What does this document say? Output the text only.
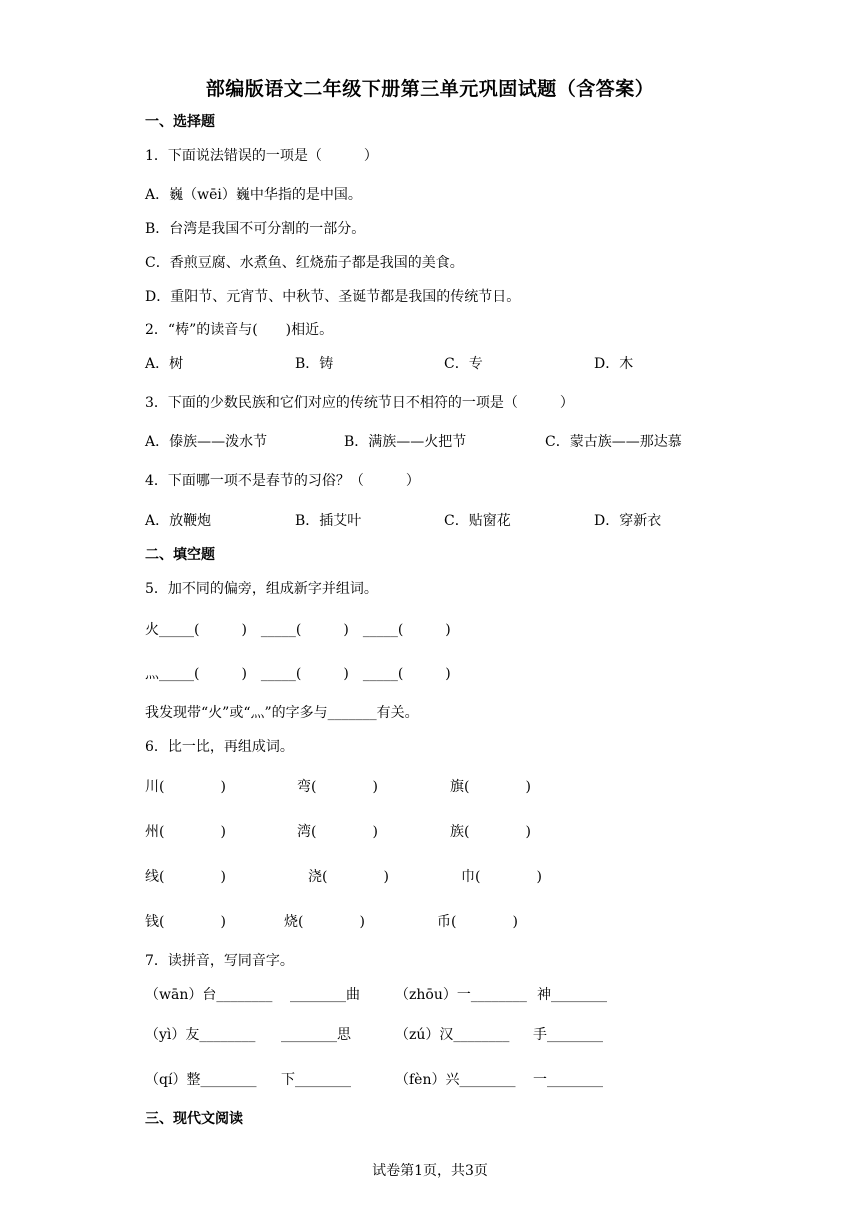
部编版语文二年级下册第三单元巩固试题（含答案）
一、选择题
1．下面说法错误的一项是（　　　）
A．巍（wēi）巍中华指的是中国。
B．台湾是我国不可分割的一部分。
C．香煎豆腐、水煮鱼、红烧茄子都是我国的美食。
D．重阳节、元宵节、中秋节、圣诞节都是我国的传统节日。
2．“梼”的读音与(　　)相近。
A．树	B．铸	C．专	D．木
3．下面的少数民族和它们对应的传统节日不相符的一项是（　　　）
A．傣族——泼水节	B．满族——火把节	C．蒙古族——那达慕
4．下面哪一项不是春节的习俗？（　　　）
A．放鞭炮	B．插艾叶	C．贴窗花	D．穿新衣
二、填空题
5．加不同的偏旁，组成新字并组词。
火_____(　　　)　_____(　　　)　_____(　　　)
灬_____(　　　)　_____(　　　)　_____(　　　)
我发现带“火”或“灬”的字多与_______有关。
6．比一比，再组成词。
川(　　　　)	弯(　　　　)	旗(　　　　)
州(　　　　)	湾(　　　　)	族(　　　　)
线(　　　　)	浇(　　　　)	巾(　　　　)
钱(　　　　)	烧(　　　　)	币(　　　　)
7．读拼音，写同音字。
（wān）台________ ________曲	（zhōu）一________ 神________
（yì）友________ ________思	（zú）汉________ 手________
（qí）整________ 下________	（fèn）兴________ 一________
三、现代文阅读
试卷第1页，共3页
